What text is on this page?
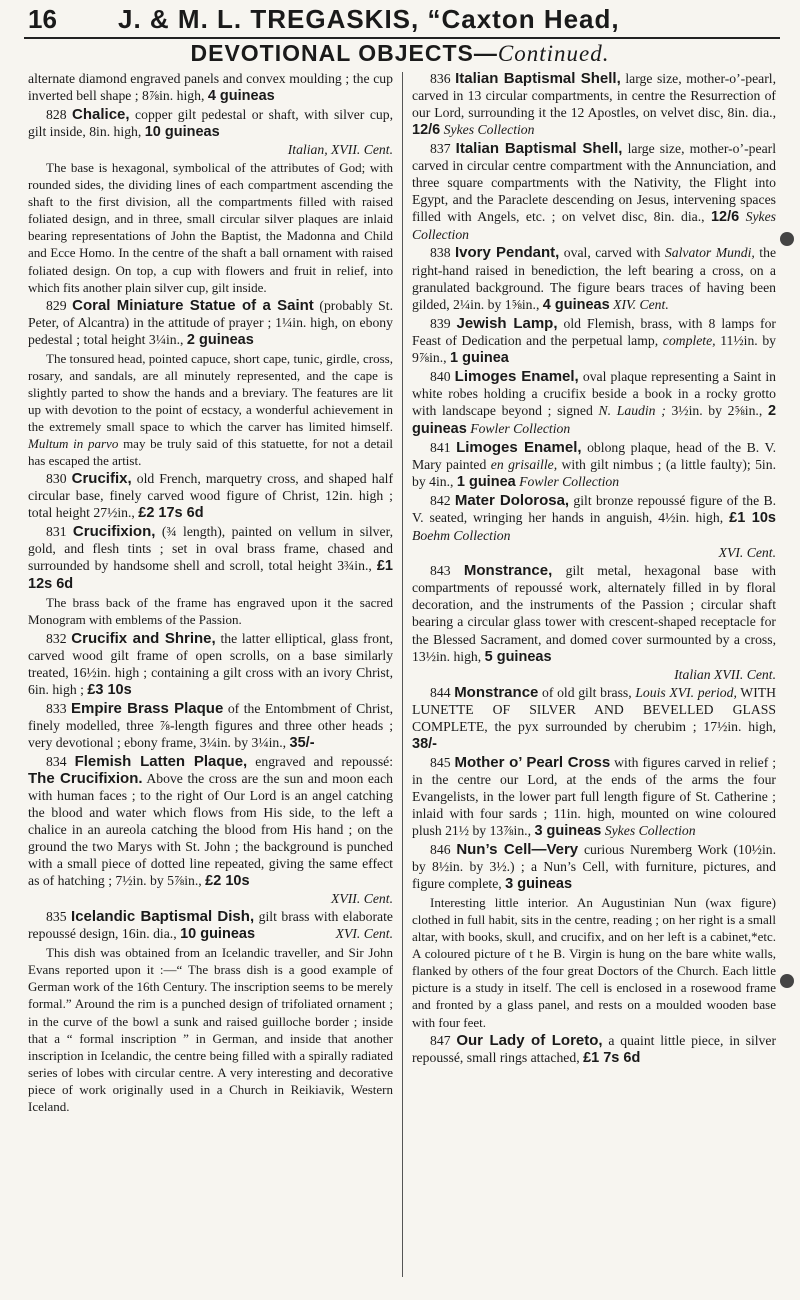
16 J. & M. L. TREGASKIS, “Caxton Head,
DEVOTIONAL OBJECTS—Continued.

alternate diamond engraved panels and convex moulding ; the cup inverted bell shape ; 8⅞in. high, 4 guineas

828 Chalice, copper gilt pedestal or shaft, with silver cup, gilt inside, 8in. high, 10 guineas
Italian, XVII. Cent.

The base is hexagonal, symbolical of the attributes of God; with rounded sides, the dividing lines of each compartment ascending the shaft to the first division, all the compartments filled with raised foliated design, and in three, small circular silver plaques are inlaid bearing representations of John the Baptist, the Madonna and Child and Ecce Homo. In the centre of the shaft a ball ornament with raised foliated design. On top, a cup with flowers and fruit in relief, into which fits another plain silver cup, gilt inside.

829 Coral Miniature Statue of a Saint (probably St. Peter, of Alcantra) in the attitude of prayer ; 1¼in. high, on ebony pedestal ; total height 3¼in., 2 guineas

The tonsured head, pointed capuce, short cape, tunic, girdle, cross, rosary, and sandals, are all minutely represented, and the cape is slightly parted to show the hands and a breviary. The features are lit up with devotion to the point of ecstacy, a wonderful achievement in the extremely small space to which the carver has limited himself. Multum in parvo may be truly said of this statuette, for not a detail has escaped the artist.

830 Crucifix, old French, marquetry cross, and shaped half circular base, finely carved wood figure of Christ, 12in. high ; total height 27½in., £2 17s 6d

831 Crucifixion, (¾ length), painted on vellum in silver, gold, and flesh tints ; set in oval brass frame, chased and surrounded by handsome shell and scroll, total height 3¾in., £1 12s 6d

The brass back of the frame has engraved upon it the sacred Monogram with emblems of the Passion.

832 Crucifix and Shrine, the latter elliptical, glass front, carved wood gilt frame of open scrolls, on a base similarly treated, 16½in. high ; containing a gilt cross with an ivory Christ, 6in. high ; £3 10s

833 Empire Brass Plaque of the Entombment of Christ, finely modelled, three ⅞-length figures and three other heads ; very devotional ; ebony frame, 3¼in. by 3¼in., 35/-

834 Flemish Latten Plaque, engraved and repoussé: The Crucifixion. Above the cross are the sun and moon each with human faces ; to the right of Our Lord is an angel catching the blood and water which flows from His side, to the left a chalice in an aureola catching the blood from His hand ; on the ground the two Marys with St. John ; the background is punched with a small piece of dotted line repeated, giving the same effect as of hatching ; 7½in. by 5⅞in., £2 10s
XVII. Cent.

835 Icelandic Baptismal Dish, gilt brass with elaborate repoussé design, 16in. dia., 10 guineas	XVI. Cent.

This dish was obtained from an Icelandic traveller, and Sir John Evans reported upon it :—“ The brass dish is a good example of German work of the 16th Century. The inscription seems to be merely formal.” Around the rim is a punched design of trifoliated ornament ; in the curve of the bowl a sunk and raised guilloche border ; inside that a “ formal inscription ” in German, and inside that another inscription in Icelandic, the centre being filled with a spirally radiated series of lobes with circular centre. A very interesting and decorative piece of work originally used in a Church in Reikiavik, Western Iceland.

836 Italian Baptismal Shell, large size, mother-o’-pearl, carved in 13 circular compartments, in centre the Resurrection of our Lord, surrounding it the 12 Apostles, on velvet disc, 8in. dia., 12/6 Sykes Collection

837 Italian Baptismal Shell, large size, mother-o’-pearl carved in circular centre compartment with the Annunciation, and three square compartments with the Nativity, the Flight into Egypt, and the Paraclete descending on Jesus, intervening spaces filled with Angels, etc. ; on velvet disc, 8in. dia., 12/6 Sykes Collection

838 Ivory Pendant, oval, carved with Salvator Mundi, the right-hand raised in benediction, the left bearing a cross, on a granulated background. The figure bears traces of having been gilded, 2¼in. by 1⅝in., 4 guineas XIV. Cent.

839 Jewish Lamp, old Flemish, brass, with 8 lamps for Feast of Dedication and the perpetual lamp, complete, 11½in. by 9⅞in., 1 guinea

840 Limoges Enamel, oval plaque representing a Saint in white robes holding a crucifix beside a book in a rocky grotto with landscape beyond ; signed N. Laudin ; 3½in. by 2⅝in., 2 guineas Fowler Collection

841 Limoges Enamel, oblong plaque, head of the B. V. Mary painted en grisaille, with gilt nimbus ; (a little faulty); 5in. by 4in., 1 guinea Fowler Collection

842 Mater Dolorosa, gilt bronze repoussé figure of the B. V. seated, wringing her hands in anguish, 4½in. high, £1 10s Boehm Collection
XVI. Cent.

843 Monstrance, gilt metal, hexagonal base with compartments of repoussé work, alternately filled in by floral decoration, and the instruments of the Passion ; circular shaft bearing a circular glass tower with crescent-shaped receptacle for the Blessed Sacrament, and domed cover surmounted by a cross, 13½in. high, 5 guineas
Italian XVII. Cent.

844 Monstrance of old gilt brass, Louis XVI. period, WITH LUNETTE OF SILVER AND BEVELLED GLASS COMPLETE, the pyx surrounded by cherubim ; 17½in. high, 38/-

845 Mother o’ Pearl Cross with figures carved in relief ; in the centre our Lord, at the ends of the arms the four Evangelists, in the lower part full length figure of St. Catherine ; inlaid with four sards ; 11in. high, mounted on wine coloured plush 21½ by 13⅞in., 3 guineas Sykes Collection

846 Nun’s Cell—Very curious Nuremberg Work (10½in. by 8½in. by 3½.) ; a Nun’s Cell, with furniture, pictures, and figure complete, 3 guineas

Interesting little interior. An Augustinian Nun (wax figure) clothed in full habit, sits in the centre, reading ; on her right is a small altar, with books, skull, and crucifix, and on her left is a cabinet,*etc. A coloured picture of t he B. Virgin is hung on the bare white walls, flanked by others of the four great Doctors of the Church. Each little picture is a study in itself. The cell is enclosed in a rosewood frame and fronted by a glass panel, and rests on a moulded wooden base with four feet.

847 Our Lady of Loreto, a quaint little piece, in silver repoussé, small rings attached, £1 7s 6d
